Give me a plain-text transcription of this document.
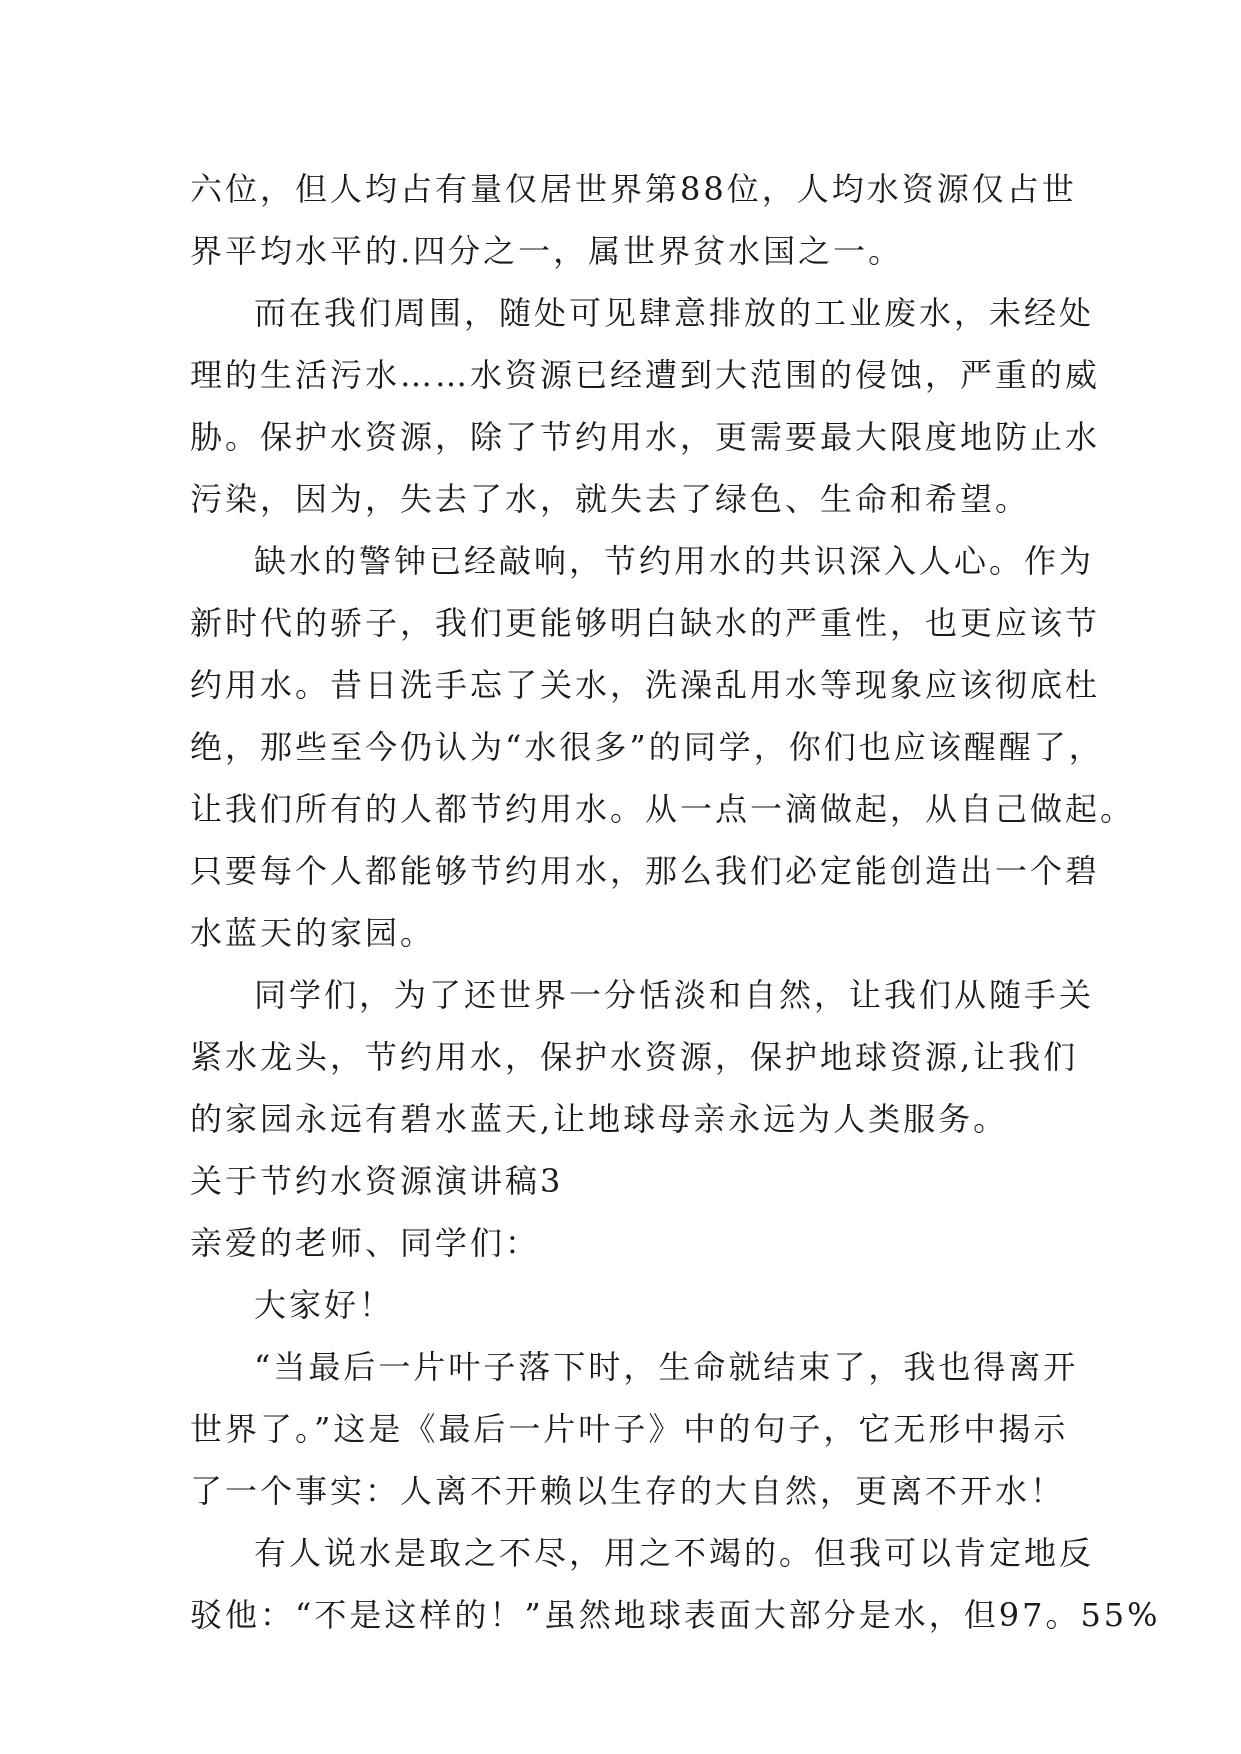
六位，但人均占有量仅居世界第88位，人均水资源仅占世
界平均水平的.四分之一，属世界贫水国之一。
而在我们周围，随处可见肆意排放的工业废水，未经处
理的生活污水……水资源已经遭到大范围的侵蚀，严重的威
胁。保护水资源，除了节约用水，更需要最大限度地防止水
污染，因为，失去了水，就失去了绿色、生命和希望。
缺水的警钟已经敲响，节约用水的共识深入人心。作为
新时代的骄子，我们更能够明白缺水的严重性，也更应该节
约用水。昔日洗手忘了关水，洗澡乱用水等现象应该彻底杜
绝，那些至今仍认为“水很多”的同学，你们也应该醒醒了，
让我们所有的人都节约用水。从一点一滴做起，从自己做起。
只要每个人都能够节约用水，那么我们必定能创造出一个碧
水蓝天的家园。
同学们，为了还世界一分恬淡和自然，让我们从随手关
紧水龙头，节约用水，保护水资源，保护地球资源,让我们
的家园永远有碧水蓝天,让地球母亲永远为人类服务。
关于节约水资源演讲稿3
亲爱的老师、同学们：
大家好！
“当最后一片叶子落下时，生命就结束了，我也得离开
世界了。”这是《最后一片叶子》中的句子，它无形中揭示
了一个事实：人离不开赖以生存的大自然，更离不开水！
有人说水是取之不尽，用之不竭的。但我可以肯定地反
驳他：“不是这样的！”虽然地球表面大部分是水，但97。55%
